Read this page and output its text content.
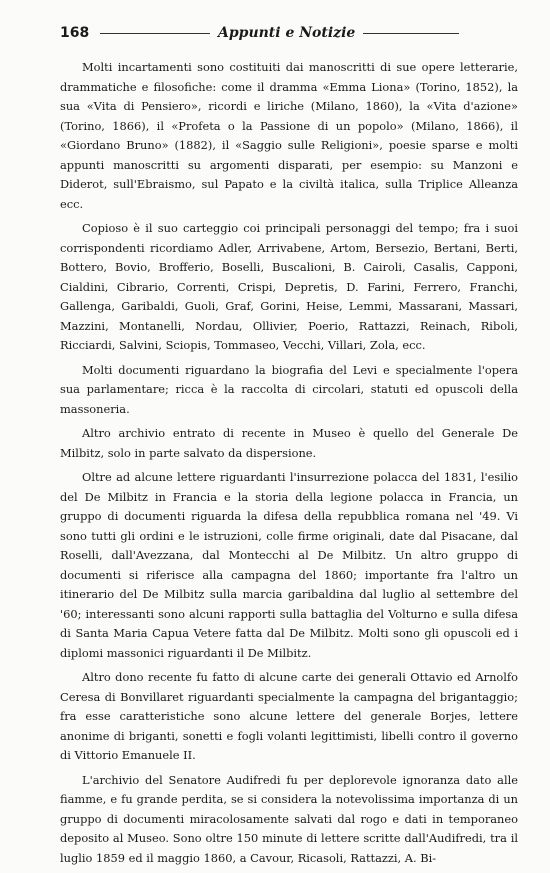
168	Appunti e Notizie

Molti incartamenti sono costituiti dai manoscritti di sue opere letterarie, drammatiche e filosofiche: come il dramma «Emma Liona» (Torino, 1852), la sua «Vita di Pensiero», ricordi e liriche (Milano, 1860), la «Vita d'azione» (Torino, 1866), il «Profeta o la Passione di un popolo» (Milano, 1866), il «Giordano Bruno» (1882), il «Saggio sulle Religioni», poesie sparse e molti appunti manoscritti su argomenti disparati, per esempio: su Manzoni e Diderot, sull'Ebraismo, sul Papato e la civiltà italica, sulla Triplice Alleanza ecc.

Copioso è il suo carteggio coi principali personaggi del tempo; fra i suoi corrispondenti ricordiamo Adler, Arrivabene, Artom, Bersezio, Bertani, Berti, Bottero, Bovio, Brofferio, Boselli, Buscalioni, B. Cairoli, Casalis, Capponi, Cialdini, Cibrario, Correnti, Crispi, Depretis, D. Farini, Ferrero, Franchi, Gallenga, Garibaldi, Guoli, Graf, Gorini, Heise, Lemmi, Massarani, Massari, Mazzini, Montanelli, Nordau, Ollivier, Poerio, Rattazzi, Reinach, Riboli, Ricciardi, Salvini, Sciopis, Tommaseo, Vecchi, Villari, Zola, ecc.

Molti documenti riguardano la biografia del Levi e specialmente l'opera sua parlamentare; ricca è la raccolta di circolari, statuti ed opuscoli della massoneria.

Altro archivio entrato di recente in Museo è quello del Generale De Milbitz, solo in parte salvato da dispersione.

Oltre ad alcune lettere riguardanti l'insurrezione polacca del 1831, l'esilio del De Milbitz in Francia e la storia della legione polacca in Francia, un gruppo di documenti riguarda la difesa della repubblica romana nel '49. Vi sono tutti gli ordini e le istruzioni, colle firme originali, date dal Pisacane, dal Roselli, dall'Avezzana, dal Montecchi al De Milbitz. Un altro gruppo di documenti si riferisce alla campagna del 1860; importante fra l'altro un itinerario del De Milbitz sulla marcia garibaldina dal luglio al settembre del '60; interessanti sono alcuni rapporti sulla battaglia del Volturno e sulla difesa di Santa Maria Capua Vetere fatta dal De Milbitz. Molti sono gli opuscoli ed i diplomi massonici riguardanti il De Milbitz.

Altro dono recente fu fatto di alcune carte dei generali Ottavio ed Arnolfo Ceresa di Bonvillaret riguardanti specialmente la campagna del brigantaggio; fra esse caratteristiche sono alcune lettere del generale Borjes, lettere anonime di briganti, sonetti e fogli volanti legittimisti, libelli contro il governo di Vittorio Emanuele II.

L'archivio del Senatore Audifredi fu per deplorevole ignoranza dato alle fiamme, e fu grande perdita, se si considera la notevolissima importanza di un gruppo di documenti miracolosamente salvati dal rogo e dati in temporaneo deposito al Museo. Sono oltre 150 minute di lettere scritte dall'Audifredi, tra il luglio 1859 ed il maggio 1860, a Cavour, Ricasoli, Rattazzi, A. Bi-
